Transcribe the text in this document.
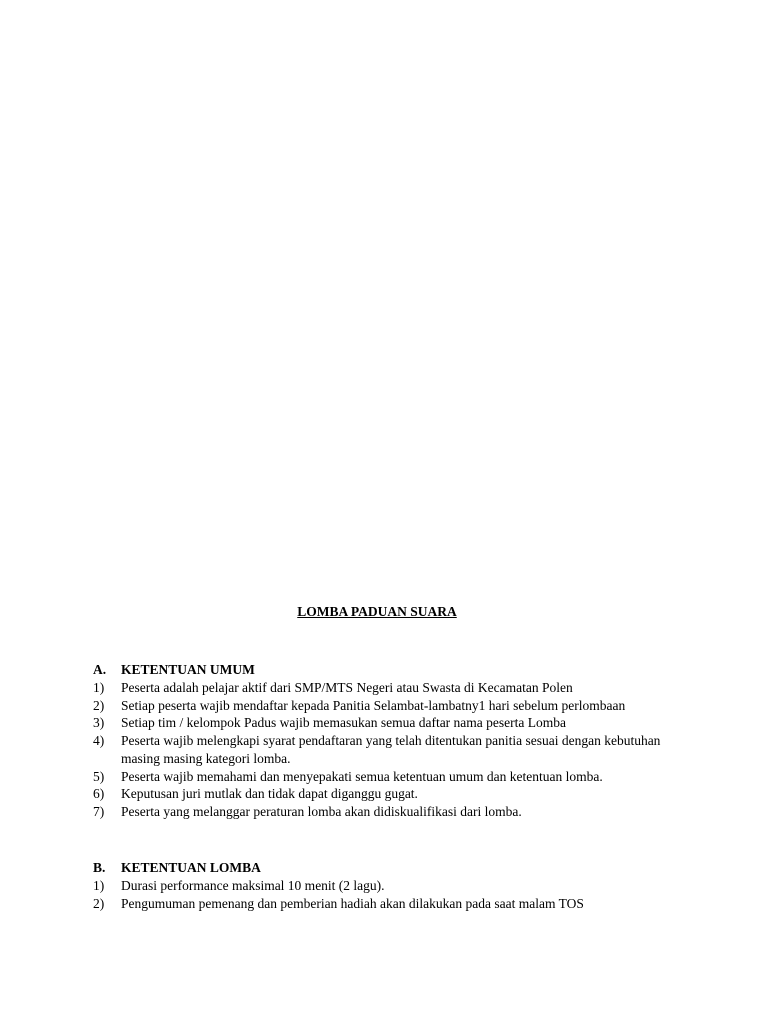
LOMBA PADUAN SUARA
A.	KETENTUAN UMUM
1)	Peserta adalah pelajar aktif dari SMP/MTS Negeri atau Swasta di Kecamatan Polen
2)	Setiap peserta wajib mendaftar kepada Panitia Selambat-lambatny1 hari sebelum perlombaan
3)	Setiap tim / kelompok Padus wajib memasukan semua daftar nama peserta Lomba
4)	Peserta wajib melengkapi syarat pendaftaran yang telah ditentukan panitia sesuai dengan kebutuhan masing masing kategori lomba.
5)	Peserta wajib memahami dan menyepakati semua ketentuan umum dan ketentuan lomba.
6)	Keputusan juri mutlak dan tidak dapat diganggu gugat.
7)	Peserta yang melanggar peraturan lomba akan didiskualifikasi dari lomba.
B.	KETENTUAN LOMBA
1)	Durasi performance maksimal 10 menit (2 lagu).
2)	Pengumuman pemenang dan pemberian hadiah akan dilakukan pada saat malam TOS
